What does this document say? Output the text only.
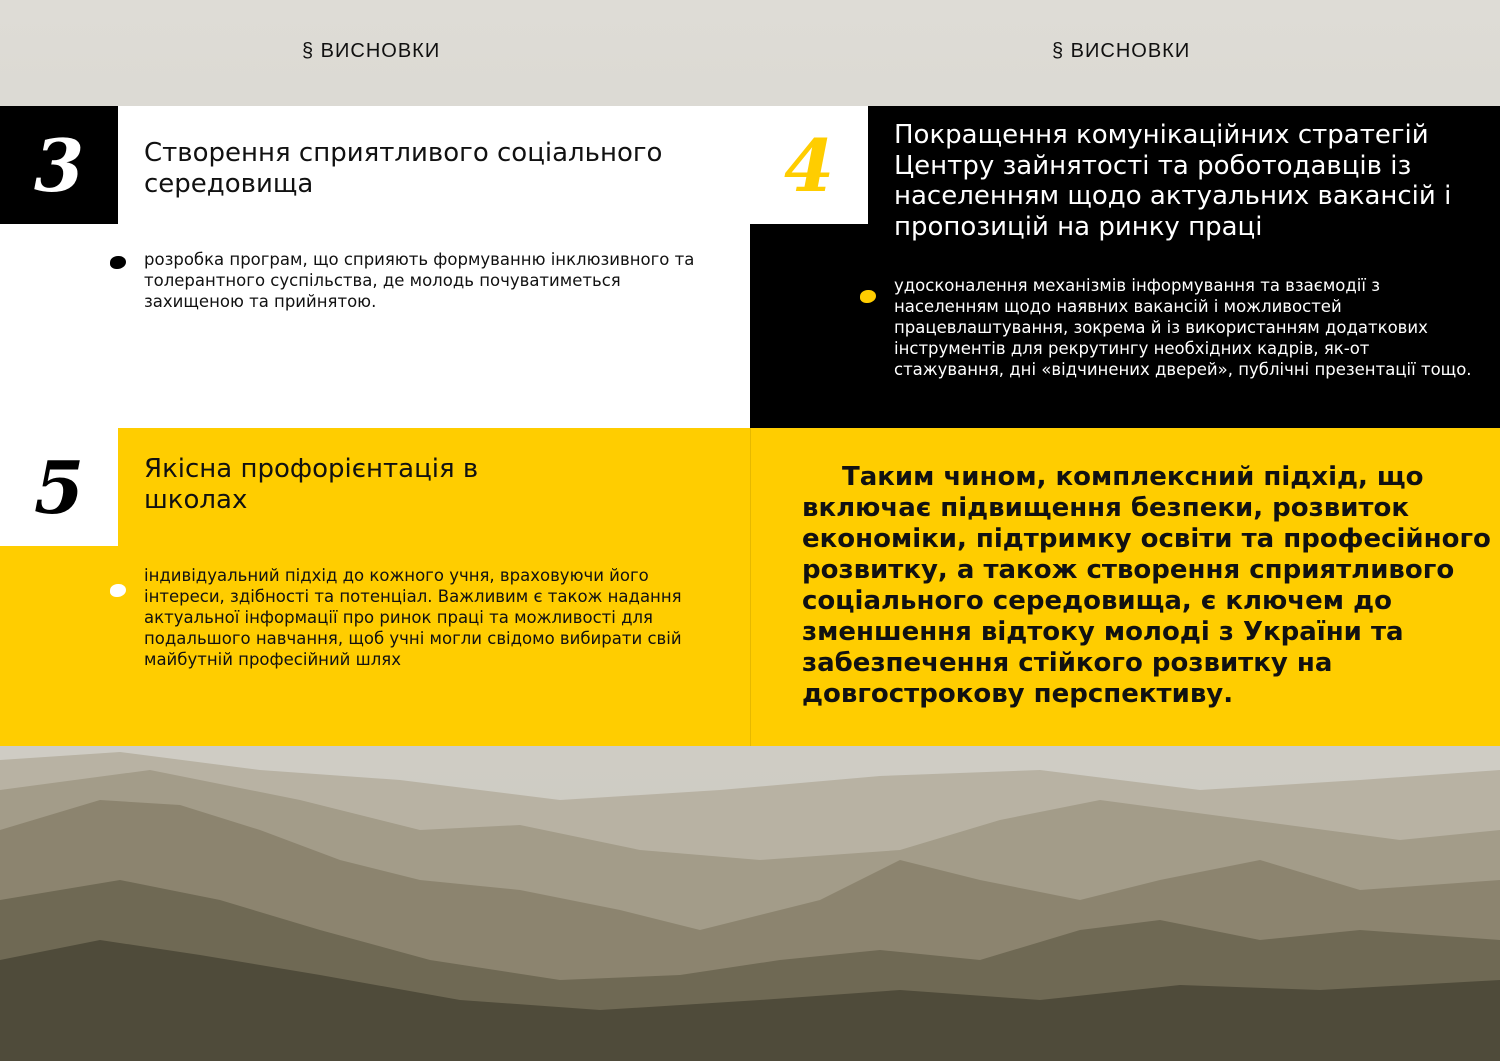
§ ВИСНОВКИ	§ ВИСНОВКИ
3	Створення сприятливого соціального середовища
розробка програм, що сприяють формуванню інклюзивного та толерантного суспільства, де молодь почуватиметься захищеною та прийнятою.
4	Покращення комунікаційних стратегій Центру зайнятості та роботодавців із населенням щодо актуальних вакансій і пропозицій на ринку праці
удосконалення механізмів інформування та взаємодії з населенням щодо наявних вакансій і можливостей працевлаштування, зокрема й із використанням додаткових інструментів для рекрутингу необхідних кадрів, як-от стажування, дні «відчинених дверей», публічні презентації тощо.
5	Якісна профорієнтація в школах
індивідуальний підхід до кожного учня, враховуючи його інтереси, здібності та потенціал. Важливим є також надання актуальної інформації про ринок праці та можливості для подальшого навчання, щоб учні могли свідомо вибирати свій майбутній професійний шлях
Таким чином, комплексний підхід, що включає підвищення безпеки, розвиток економіки, підтримку освіти та професійного розвитку, а також створення сприятливого соціального середовища, є ключем до зменшення відтоку молоді з України та забезпечення стійкого розвитку на довгострокову перспективу.
